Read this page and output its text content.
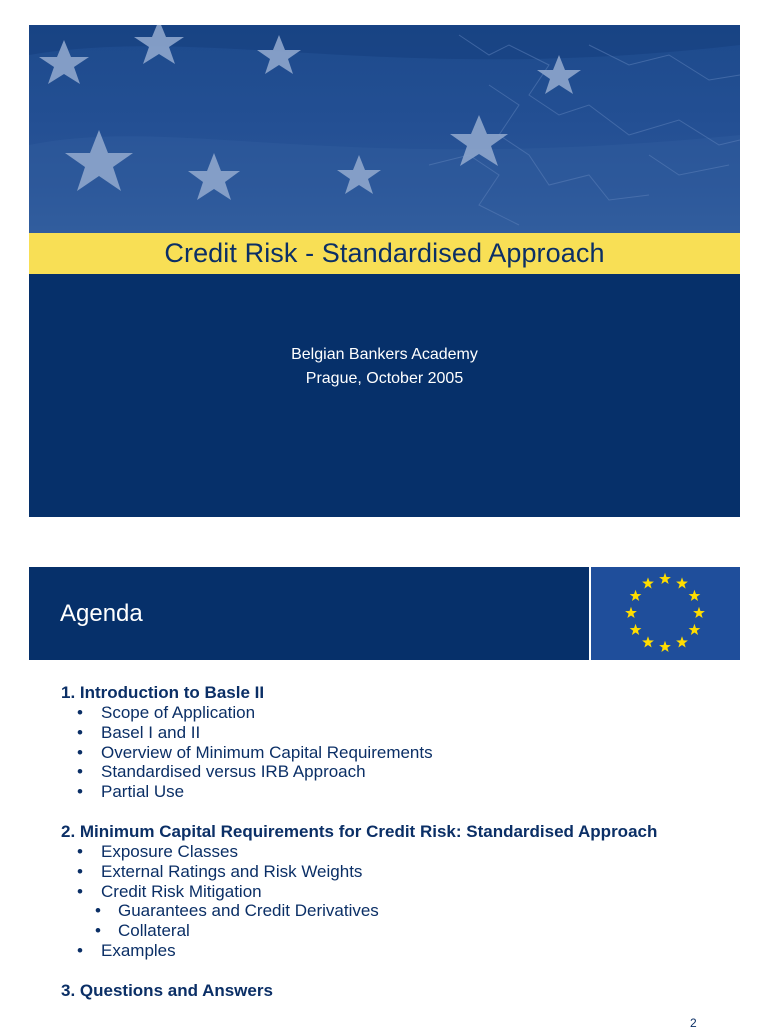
Credit Risk - Standardised Approach
Belgian Bankers Academy
Prague, October 2005
Agenda
1. Introduction to Basle II
• Scope of Application
• Basel I and II
• Overview of Minimum Capital Requirements
• Standardised versus IRB Approach
• Partial Use
2. Minimum Capital Requirements for Credit Risk: Standardised Approach
• Exposure Classes
• External Ratings and Risk Weights
• Credit Risk Mitigation
• Guarantees and Credit Derivatives
• Collateral
• Examples
3. Questions and Answers
2
